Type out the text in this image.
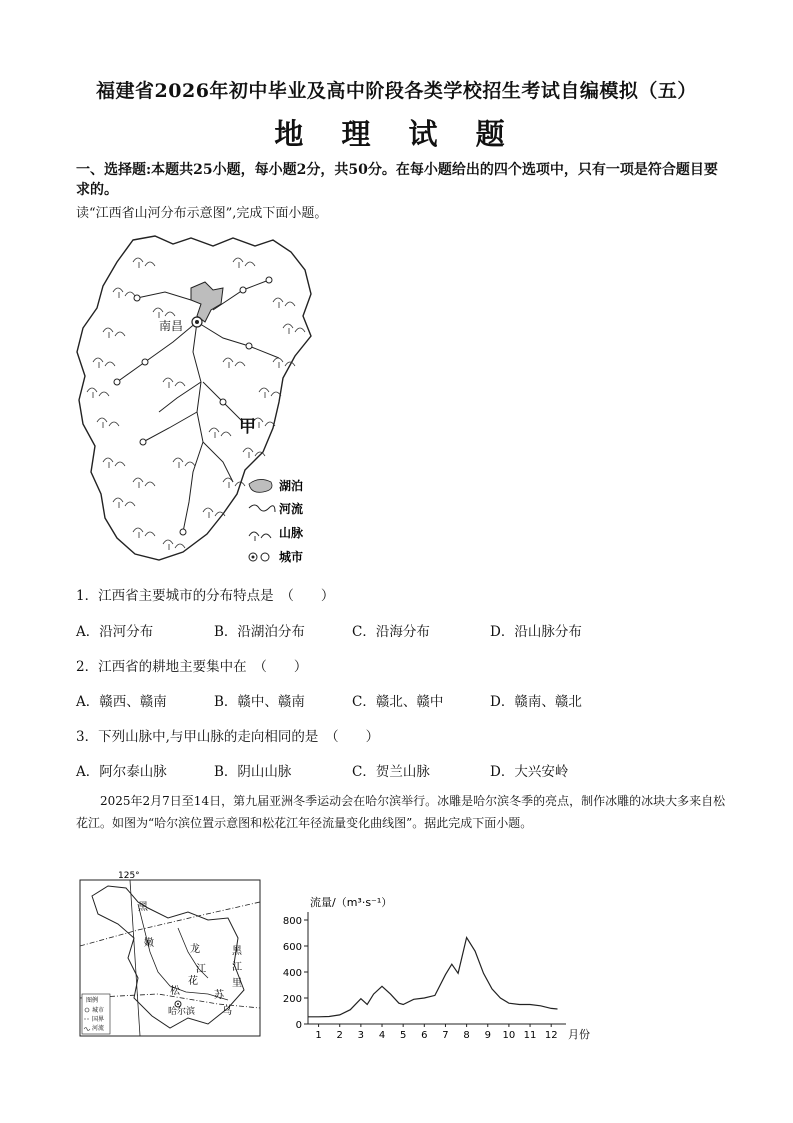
福建省2026年初中毕业及高中阶段各类学校招生考试自编模拟（五）
地 理 试 题
一、选择题:本题共25小题，每小题2分，共50分。在每小题给出的四个选项中，只有一项是符合题目要求的。
读“江西省山河分布示意图”,完成下面小题。
南昌
甲
湖泊
河流
山脉
城市
1．江西省主要城市的分布特点是　（　　）
A．沿河分布	B．沿湖泊分布	C．沿海分布	D．沿山脉分布
2．江西省的耕地主要集中在　（　　）
A．赣西、赣南	B．赣中、赣南	C．赣北、赣中	D．赣南、赣北
3．下列山脉中,与甲山脉的走向相同的是　（　　）
A．阿尔泰山脉	B．阴山山脉	C．贺兰山脉	D．大兴安岭
2025年2月7日至14日，第九届亚洲冬季运动会在哈尔滨举行。冰雕是哈尔滨冬季的亮点，制作冰雕的冰块大多来自松花江。如图为“哈尔滨位置示意图和松花江年径流量变化曲线图”。据此完成下面小题。
125°
黑
嫩
龙
江	江
黑
里
花
松	苏
哈尔滨	乌
图例
城市
国界
河流	0
200
400
600
800
1 2 3 4 5 6 7 8 9 10 11 12
流量/（m³·s⁻¹）
月份
